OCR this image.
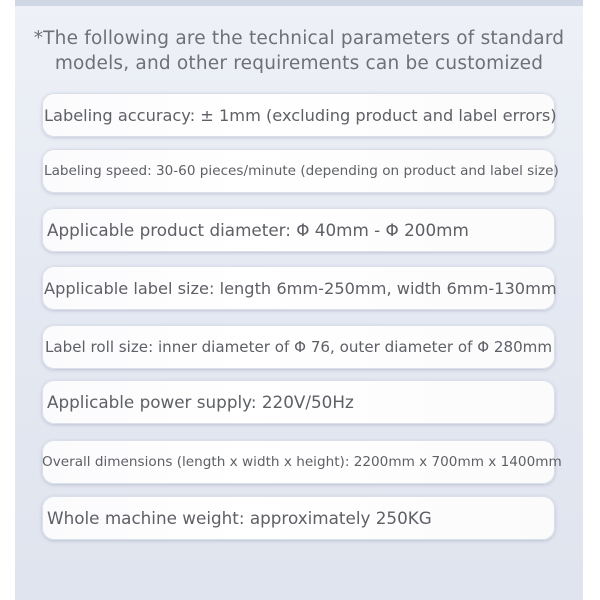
*The following are the technical parameters of standard
models, and other requirements can be customized
Labeling accuracy: ± 1mm (excluding product and label errors)
Labeling speed: 30-60 pieces/minute (depending on product and label size)
Applicable product diameter: Φ 40mm - Φ 200mm
Applicable label size: length 6mm-250mm, width 6mm-130mm
Label roll size: inner diameter of Φ 76, outer diameter of Φ 280mm
Applicable power supply: 220V/50Hz
Overall dimensions (length x width x height): 2200mm x 700mm x 1400mm
Whole machine weight: approximately 250KG
